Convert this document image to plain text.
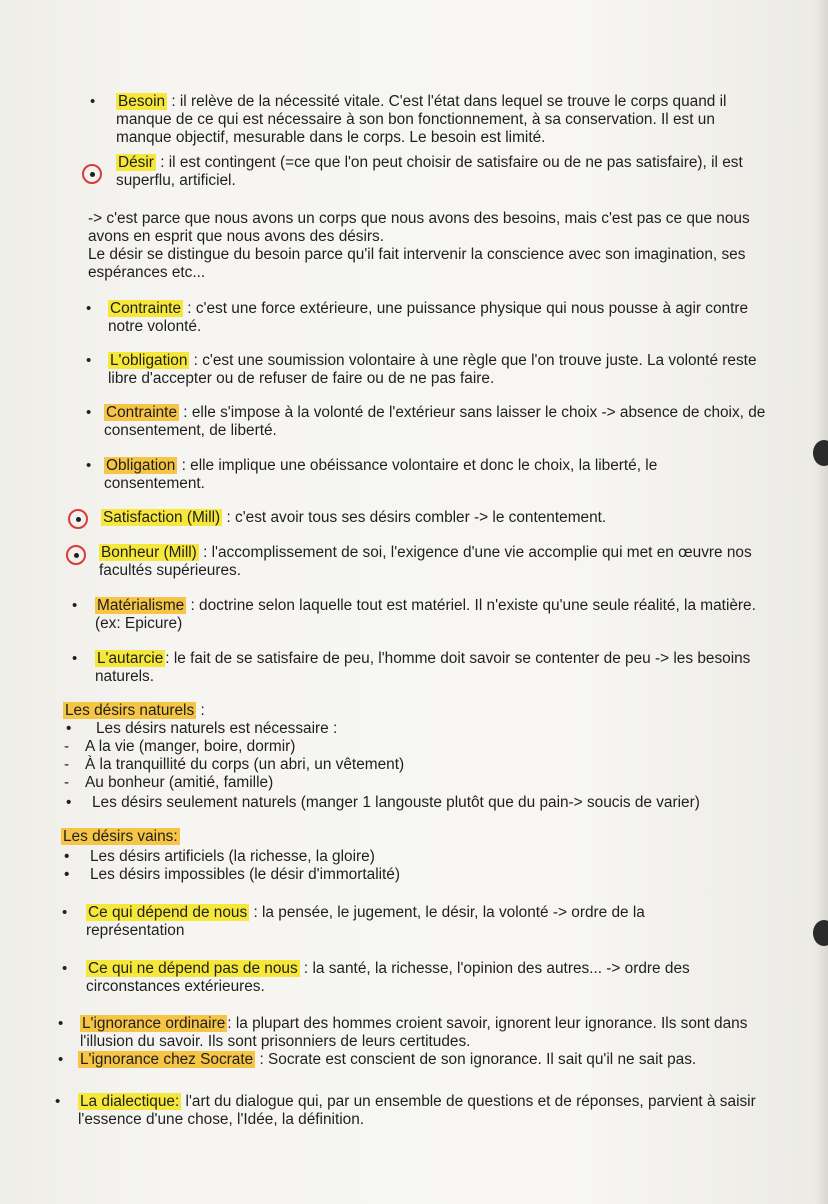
• Besoin : il relève de la nécessité vitale. C'est l'état dans lequel se trouve le corps quand il manque de ce qui est nécessaire à son bon fonctionnement, à sa conservation. Il est un manque objectif, mesurable dans le corps. Le besoin est limité.
Désir : il est contingent (=ce que l'on peut choisir de satisfaire ou de ne pas satisfaire), il est superflu, artificiel.
-> c'est parce que nous avons un corps que nous avons des besoins, mais c'est pas ce que nous avons en esprit que nous avons des désirs.
Le désir se distingue du besoin parce qu'il fait intervenir la conscience avec son imagination, ses espérances etc...
• Contrainte : c'est une force extérieure, une puissance physique qui nous pousse à agir contre notre volonté.
• L'obligation : c'est une soumission volontaire à une règle que l'on trouve juste. La volonté reste libre d'accepter ou de refuser de faire ou de ne pas faire.
• Contrainte : elle s'impose à la volonté de l'extérieur sans laisser le choix -> absence de choix, de consentement, de liberté.
• Obligation : elle implique une obéissance volontaire et donc le choix, la liberté, le consentement.
Satisfaction (Mill) : c'est avoir tous ses désirs combler -> le contentement.
Bonheur (Mill) : l'accomplissement de soi, l'exigence d'une vie accomplie qui met en œuvre nos facultés supérieures.
• Matérialisme : doctrine selon laquelle tout est matériel. Il n'existe qu'une seule réalité, la matière. (ex: Epicure)
• L'autarcie : le fait de se satisfaire de peu, l'homme doit savoir se contenter de peu -> les besoins naturels.
Les désirs naturels :
• Les désirs naturels est nécessaire :
- A la vie (manger, boire, dormir)
- À la tranquillité du corps (un abri, un vêtement)
- Au bonheur (amitié, famille)
• Les désirs seulement naturels (manger 1 langouste plutôt que du pain-> soucis de varier)
Les désirs vains:
• Les désirs artificiels (la richesse, la gloire)
• Les désirs impossibles (le désir d'immortalité)
• Ce qui dépend de nous : la pensée, le jugement, le désir, la volonté -> ordre de la représentation
• Ce qui ne dépend pas de nous : la santé, la richesse, l'opinion des autres... -> ordre des circonstances extérieures.
• L'ignorance ordinaire : la plupart des hommes croient savoir, ignorent leur ignorance. Ils sont dans l'illusion du savoir. Ils sont prisonniers de leurs certitudes.
• L'ignorance chez Socrate : Socrate est conscient de son ignorance. Il sait qu'il ne sait pas.
• La dialectique: l'art du dialogue qui, par un ensemble de questions et de réponses, parvient à saisir l'essence d'une chose, l'Idée, la définition.
